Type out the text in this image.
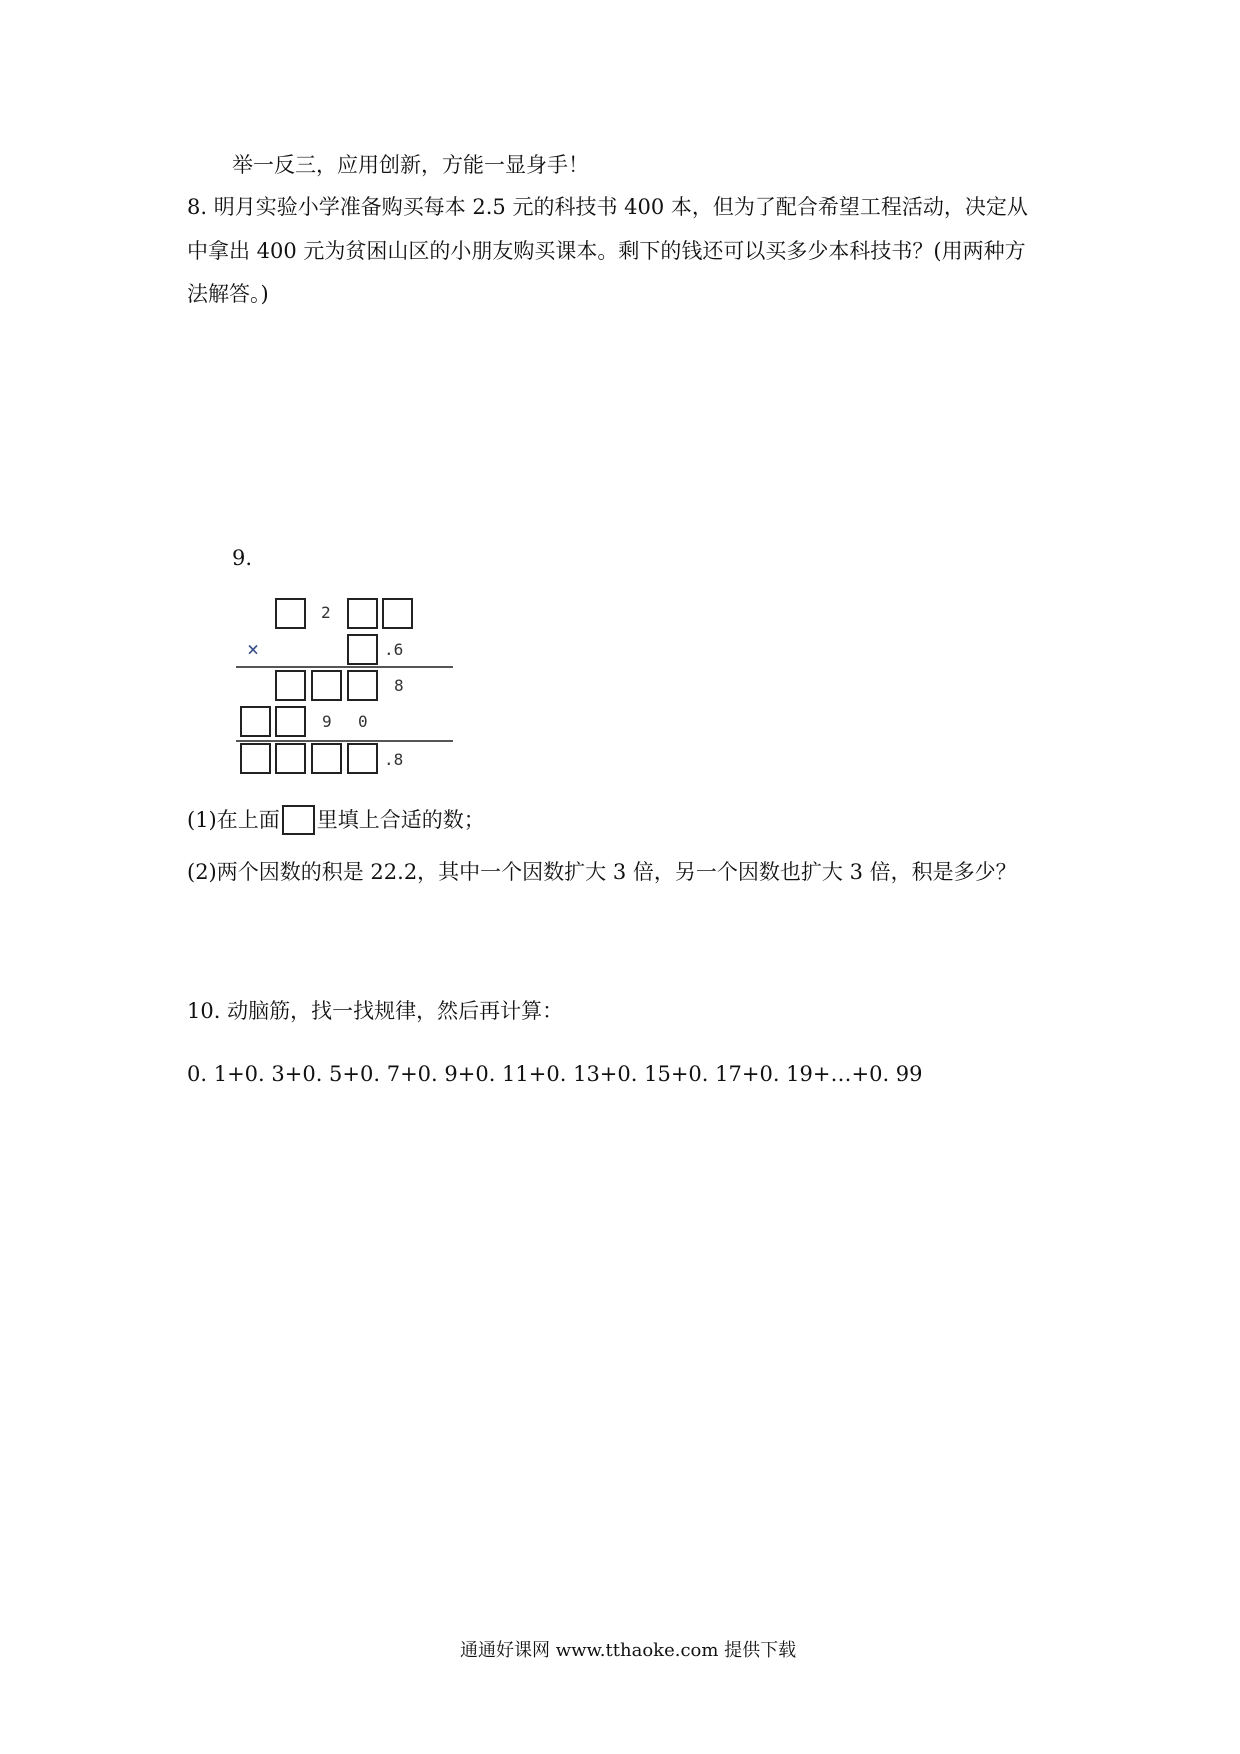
举一反三，应用创新，方能一显身手！
8. 明月实验小学准备购买每本 2.5 元的科技书 400 本，但为了配合希望工程活动，决定从
中拿出 400 元为贫困山区的小朋友购买课本。剩下的钱还可以买多少本科技书？(用两种方
法解答。)
9.
2
×	.6
8
9 0
.8
(1)在上面 里填上合适的数；
(2)两个因数的积是 22.2，其中一个因数扩大 3 倍，另一个因数也扩大 3 倍，积是多少？
10. 动脑筋，找一找规律，然后再计算：
0. 1+0. 3+0. 5+0. 7+0. 9+0. 11+0. 13+0. 15+0. 17+0. 19+…+0. 99
通通好课网 www.tthaoke.com 提供下载
